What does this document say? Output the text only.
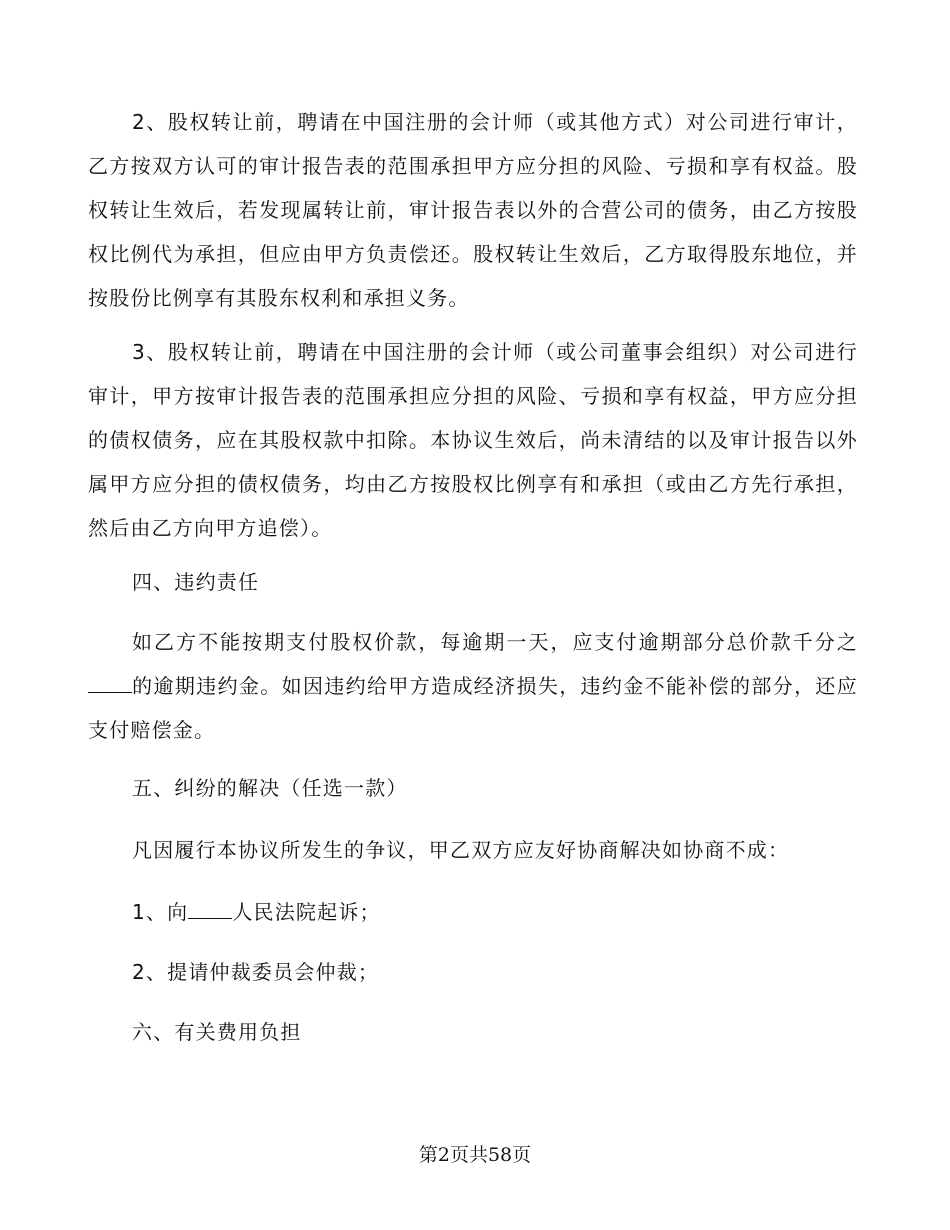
2、股权转让前，聘请在中国注册的会计师（或其他方式）对公司进行审计，乙方按双方认可的审计报告表的范围承担甲方应分担的风险、亏损和享有权益。股权转让生效后，若发现属转让前，审计报告表以外的合营公司的债务，由乙方按股权比例代为承担，但应由甲方负责偿还。股权转让生效后，乙方取得股东地位，并按股份比例享有其股东权利和承担义务。

3、股权转让前，聘请在中国注册的会计师（或公司董事会组织）对公司进行审计，甲方按审计报告表的范围承担应分担的风险、亏损和享有权益，甲方应分担的债权债务，应在其股权款中扣除。本协议生效后，尚未清结的以及审计报告以外属甲方应分担的债权债务，均由乙方按股权比例享有和承担（或由乙方先行承担，然后由乙方向甲方追偿）。

四、违约责任

如乙方不能按期支付股权价款，每逾期一天，应支付逾期部分总价款千分之的逾期违约金。如因违约给甲方造成经济损失，违约金不能补偿的部分，还应支付赔偿金。

五、纠纷的解决（任选一款）

凡因履行本协议所发生的争议，甲乙双方应友好协商解决如协商不成：

1、向 人民法院起诉；

2、提请仲裁委员会仲裁；

六、有关费用负担

第2页共58页
